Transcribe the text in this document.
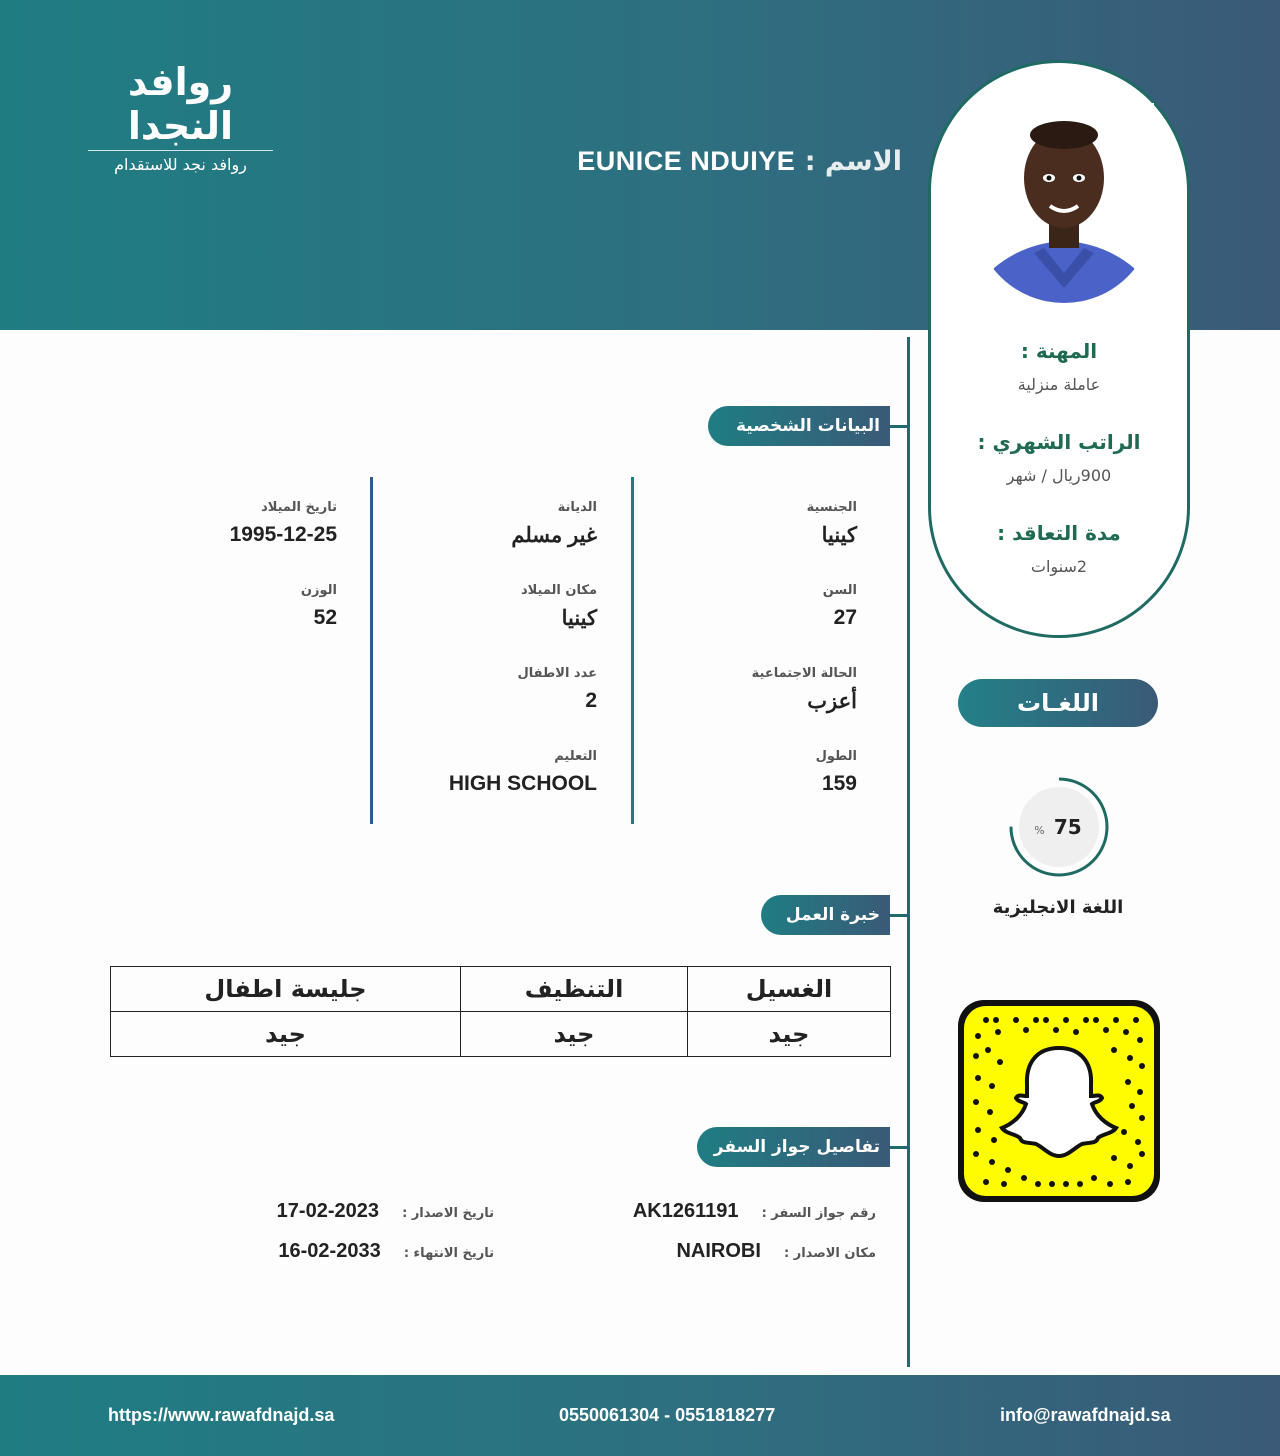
روافد النجدا
روافد نجد للاستقدام	الاسم : EUNICE NDUIYE
المهنة :
عاملة منزلية
الراتب الشهري :
900ريال / شهر
مدة التعاقد :
2سنوات
اللغـات
% 75
اللغة الانجليزية
البيانات الشخصية
الجنسية
كينيا
السن
27
الحالة الاجتماعية
أعزب
الطول
159
الديانة
غير مسلم
مكان الميلاد
كينيا
عدد الاطفال
2
التعليم
HIGH SCHOOL
تاريخ الميلاد
1995-12-25
الوزن
52
خبرة العمل
الغسيل	التنظيف	جليسة اطفال
جيد	جيد	جيد
تفاصيل جواز السفر
رقم جواز السفر : AK1261191
مكان الاصدار : NAIROBI
تاريخ الاصدار : 2023-02-17
تاريخ الانتهاء : 2033-02-16
https://www.rawafdnajd.sa	0550061304 - 0551818277	info@rawafdnajd.sa
